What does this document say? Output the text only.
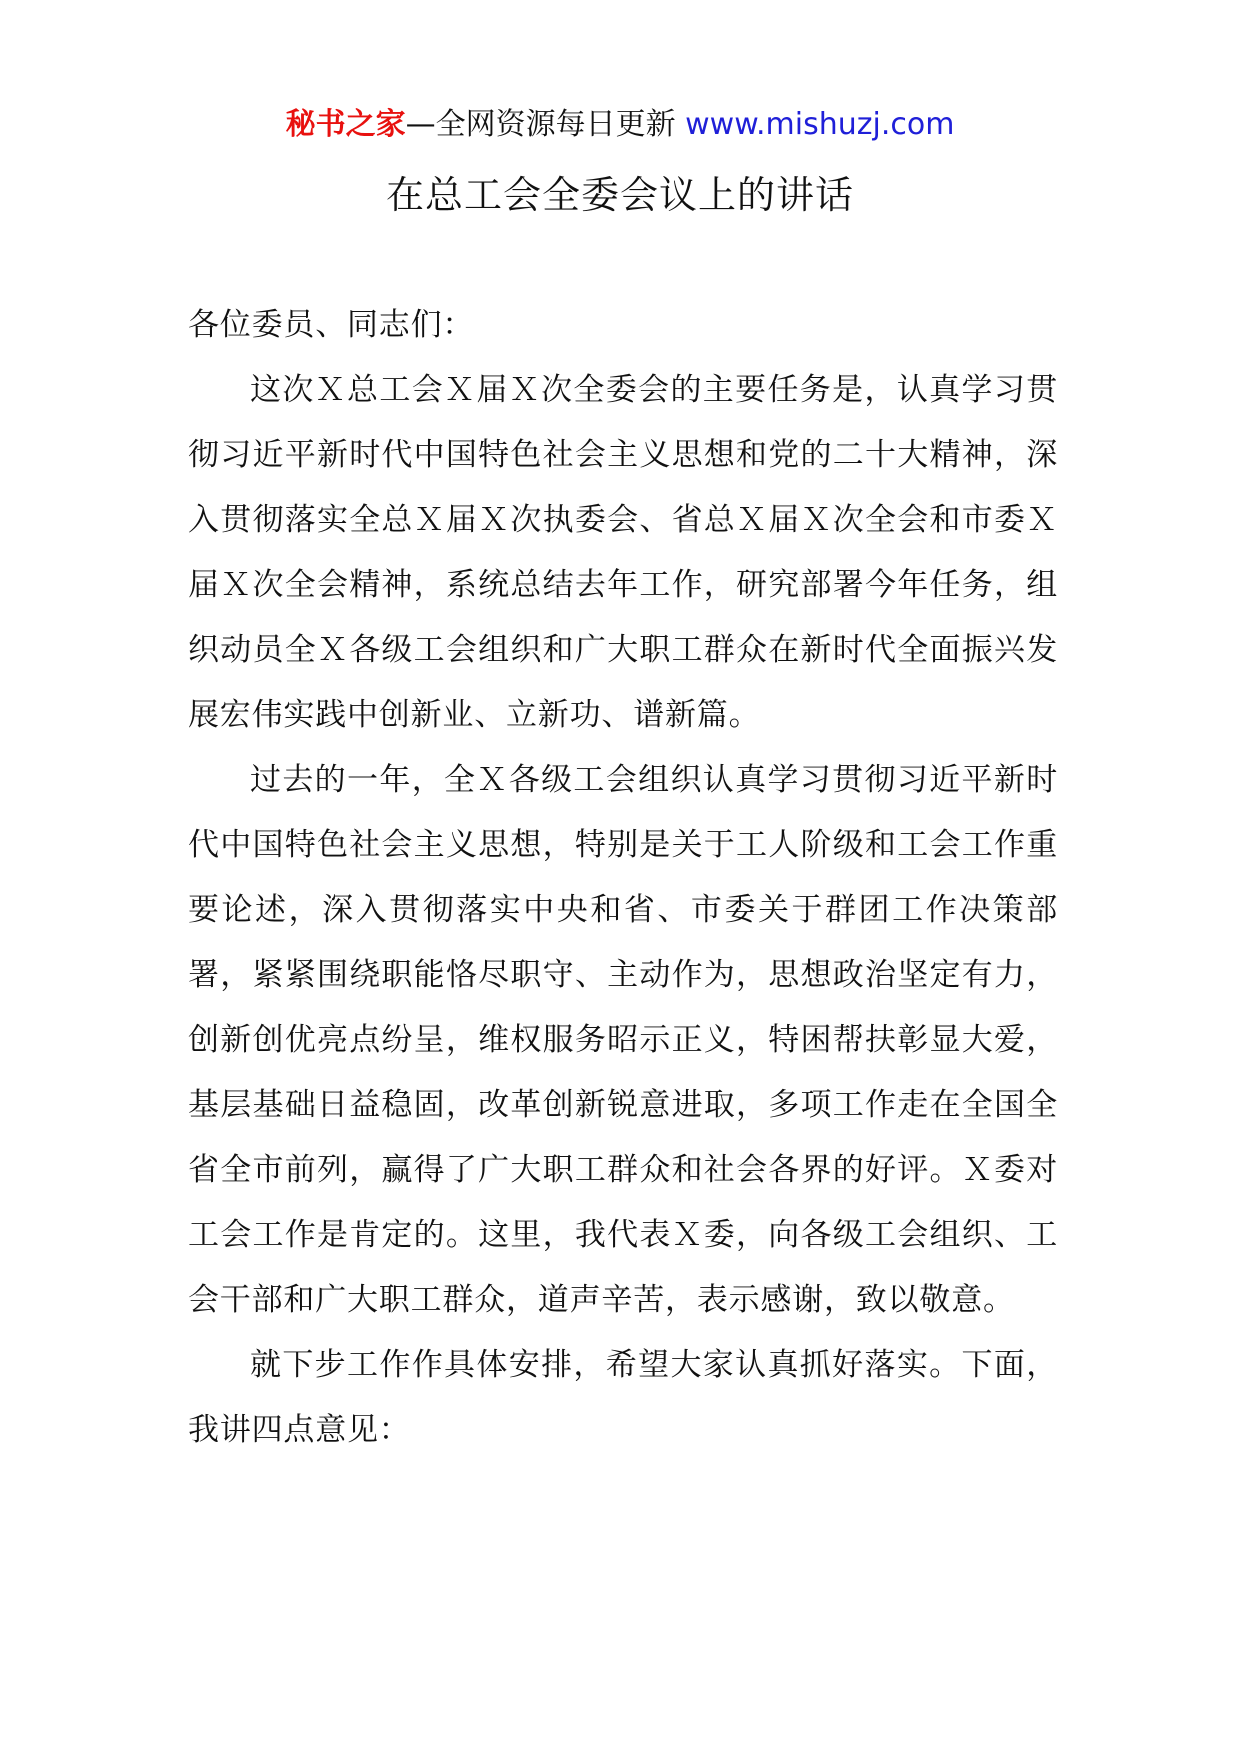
秘书之家—全网资源每日更新 www.mishuzj.com
在总工会全委会议上的讲话

各位委员、同志们：

这次Ｘ总工会Ｘ届Ｘ次全委会的主要任务是，认真学习贯彻习近平新时代中国特色社会主义思想和党的二十大精神，深入贯彻落实全总Ｘ届Ｘ次执委会、省总Ｘ届Ｘ次全会和市委Ｘ届Ｘ次全会精神，系统总结去年工作，研究部署今年任务，组织动员全Ｘ各级工会组织和广大职工群众在新时代全面振兴发展宏伟实践中创新业、立新功、谱新篇。

过去的一年，全Ｘ各级工会组织认真学习贯彻习近平新时代中国特色社会主义思想，特别是关于工人阶级和工会工作重要论述，深入贯彻落实中央和省、市委关于群团工作决策部署，紧紧围绕职能恪尽职守、主动作为，思想政治坚定有力，创新创优亮点纷呈，维权服务昭示正义，特困帮扶彰显大爱，基层基础日益稳固，改革创新锐意进取，多项工作走在全国全省全市前列，赢得了广大职工群众和社会各界的好评。Ｘ委对工会工作是肯定的。这里，我代表Ｘ委，向各级工会组织、工会干部和广大职工群众，道声辛苦，表示感谢，致以敬意。

就下步工作作具体安排，希望大家认真抓好落实。下面，我讲四点意见：
